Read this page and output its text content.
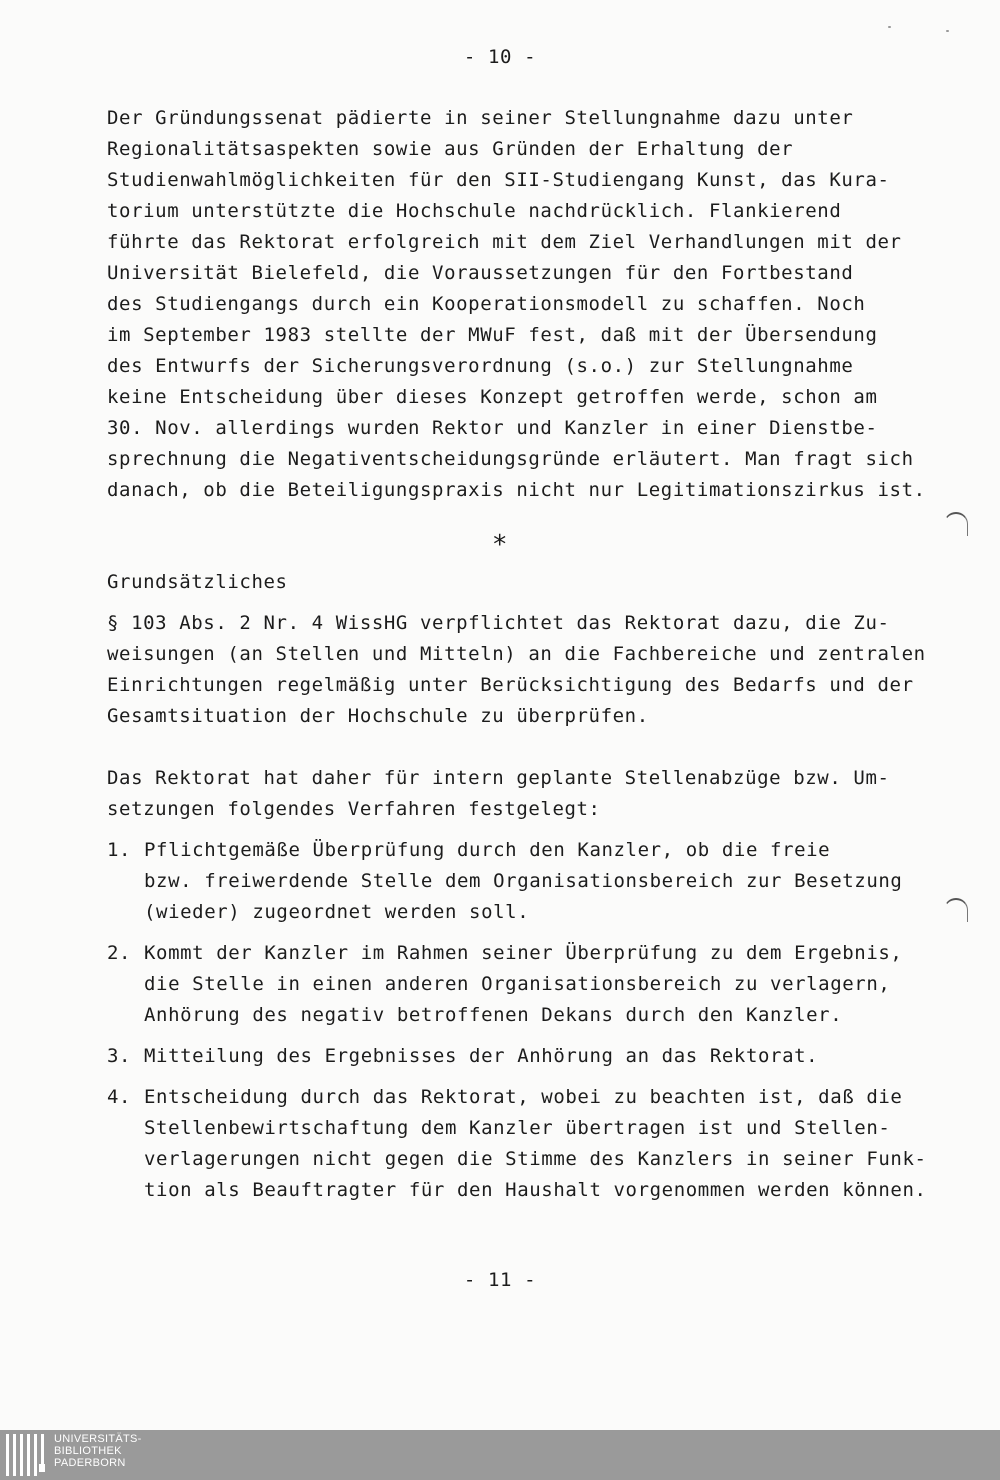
- 10 -
Der Gründungssenat pädierte in seiner Stellungnahme dazu unter
Regionalitätsaspekten sowie aus Gründen der Erhaltung der
Studienwahlmöglichkeiten für den SII-Studiengang Kunst, das Kura-
torium unterstützte die Hochschule nachdrücklich. Flankierend
führte das Rektorat erfolgreich mit dem Ziel Verhandlungen mit der
Universität Bielefeld, die Voraussetzungen für den Fortbestand
des Studiengangs durch ein Kooperationsmodell zu schaffen. Noch
im September 1983 stellte der MWuF fest, daß mit der Übersendung
des Entwurfs der Sicherungsverordnung (s.o.) zur Stellungnahme
keine Entscheidung über dieses Konzept getroffen werde, schon am
30. Nov. allerdings wurden Rektor und Kanzler in einer Dienstbe-
sprechnung die Negativentscheidungsgründe erläutert. Man fragt sich
danach, ob die Beteiligungspraxis nicht nur Legitimationszirkus ist.
*
Grundsätzliches
§ 103 Abs. 2 Nr. 4 WissHG verpflichtet das Rektorat dazu, die Zu-
weisungen (an Stellen und Mitteln) an die Fachbereiche und zentralen
Einrichtungen regelmäßig unter Berücksichtigung des Bedarfs und der
Gesamtsituation der Hochschule zu überprüfen.
Das Rektorat hat daher für intern geplante Stellenabzüge bzw. Um-
setzungen folgendes Verfahren festgelegt:
1. Pflichtgemäße Überprüfung durch den Kanzler, ob die freie
bzw. freiwerdende Stelle dem Organisationsbereich zur Besetzung
(wieder) zugeordnet werden soll.
2. Kommt der Kanzler im Rahmen seiner Überprüfung zu dem Ergebnis,
die Stelle in einen anderen Organisationsbereich zu verlagern,
Anhörung des negativ betroffenen Dekans durch den Kanzler.
3. Mitteilung des Ergebnisses der Anhörung an das Rektorat.
4. Entscheidung durch das Rektorat, wobei zu beachten ist, daß die
Stellenbewirtschaftung dem Kanzler übertragen ist und Stellen-
verlagerungen nicht gegen die Stimme des Kanzlers in seiner Funk-
tion als Beauftragter für den Haushalt vorgenommen werden können.
- 11 -
UNIVERSITÄTS-
BIBLIOTHEK
PADERBORN
